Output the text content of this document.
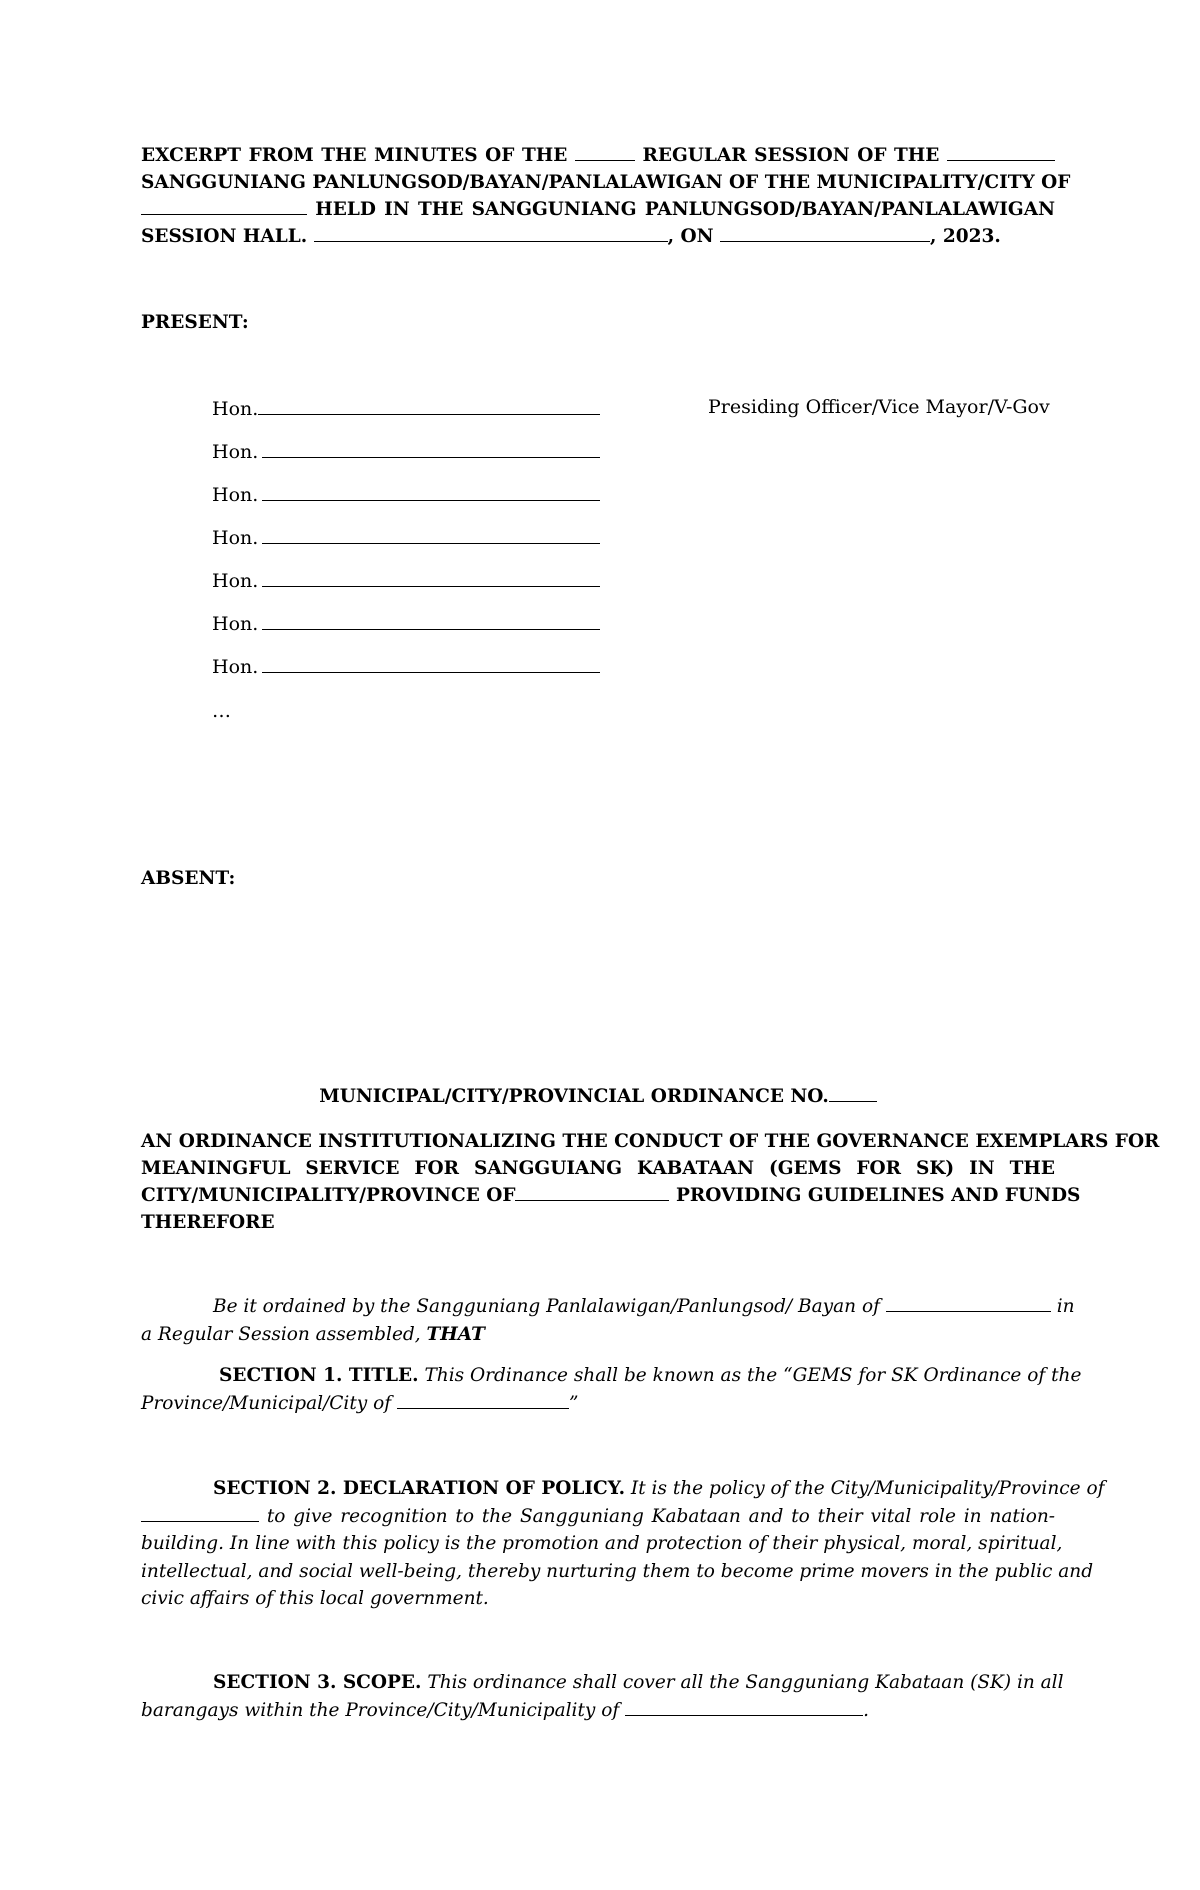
EXCERPT FROM THE MINUTES OF THE	REGULAR SESSION OF THE
SANGGUNIANG PANLUNGSOD/BAYAN/PANLALAWIGAN OF THE MUNICIPALITY/CITY OF
HELD IN THE SANGGUNIANG PANLUNGSOD/BAYAN/PANLALAWIGAN
SESSION HALL.	, ON	, 2023.
PRESENT:
Hon.	Presiding Officer/Vice Mayor/V-Gov
Hon.
Hon.
Hon.
Hon.
Hon.
Hon.
…
ABSENT:
MUNICIPAL/CITY/PROVINCIAL ORDINANCE NO.
AN ORDINANCE INSTITUTIONALIZING THE CONDUCT OF THE GOVERNANCE EXEMPLARS FOR
MEANINGFUL SERVICE FOR SANGGUIANG KABATAAN (GEMS FOR SK) IN THE
CITY/MUNICIPALITY/PROVINCE OF	PROVIDING GUIDELINES AND FUNDS
THEREFORE
Be it ordained by the Sangguniang Panlalawigan/Panlungsod/ Bayan of	in
a Regular Session assembled, THAT
SECTION 1. TITLE. This Ordinance shall be known as the “GEMS for SK Ordinance of the
Province/Municipal/City of	”
SECTION 2. DECLARATION OF POLICY. It is the policy of the City/Municipality/Province of
to give recognition to the Sangguniang Kabataan and to their vital role in nation-
building. In line with this policy is the promotion and protection of their physical, moral, spiritual,
intellectual, and social well-being, thereby nurturing them to become prime movers in the public and
civic affairs of this local government.
SECTION 3. SCOPE. This ordinance shall cover all the Sangguniang Kabataan (SK) in all
barangays within the Province/City/Municipality of	.
